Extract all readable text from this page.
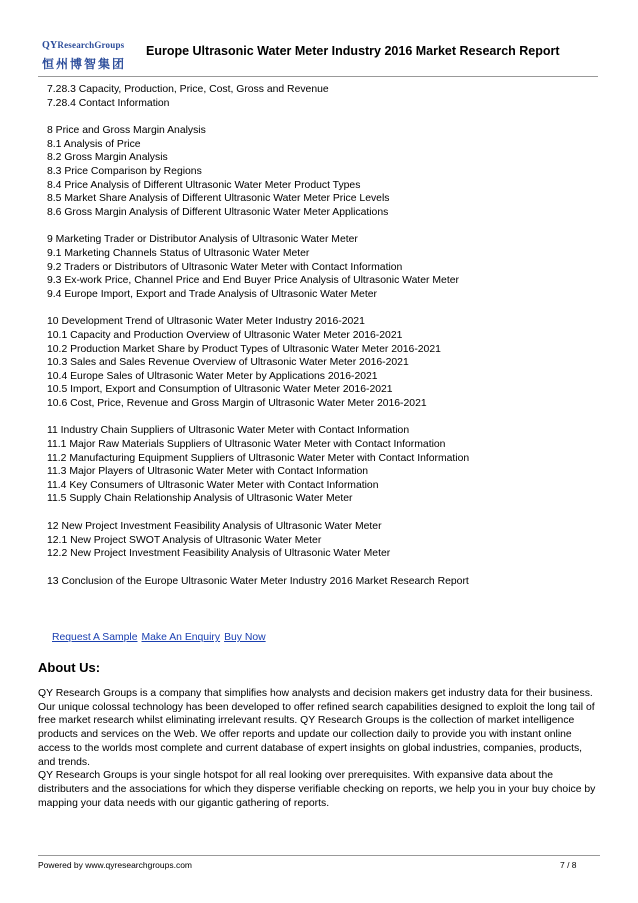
QYResearchGroups
恒州博智集团
Europe Ultrasonic Water Meter Industry 2016 Market Research Report
7.28.3 Capacity, Production, Price, Cost, Gross and Revenue
7.28.4 Contact Information
8 Price and Gross Margin Analysis
8.1 Analysis of Price
8.2 Gross Margin Analysis
8.3 Price Comparison by Regions
8.4 Price Analysis of Different Ultrasonic Water Meter Product Types
8.5 Market Share Analysis of Different Ultrasonic Water Meter Price Levels
8.6 Gross Margin Analysis of Different Ultrasonic Water Meter Applications
9 Marketing Trader or Distributor Analysis of Ultrasonic Water Meter
9.1 Marketing Channels Status of Ultrasonic Water Meter
9.2 Traders or Distributors of Ultrasonic Water Meter with Contact Information
9.3 Ex-work Price, Channel Price and End Buyer Price Analysis of Ultrasonic Water Meter
9.4 Europe Import, Export and Trade Analysis of Ultrasonic Water Meter
10 Development Trend of Ultrasonic Water Meter Industry 2016-2021
10.1 Capacity and Production Overview of Ultrasonic Water Meter 2016-2021
10.2 Production Market Share by Product Types of Ultrasonic Water Meter 2016-2021
10.3 Sales and Sales Revenue Overview of Ultrasonic Water Meter 2016-2021
10.4 Europe Sales of Ultrasonic Water Meter by Applications 2016-2021
10.5 Import, Export and Consumption of Ultrasonic Water Meter 2016-2021
10.6 Cost, Price, Revenue and Gross Margin of Ultrasonic Water Meter 2016-2021
11 Industry Chain Suppliers of Ultrasonic Water Meter with Contact Information
11.1 Major Raw Materials Suppliers of Ultrasonic Water Meter with Contact Information
11.2 Manufacturing Equipment Suppliers of Ultrasonic Water Meter with Contact Information
11.3 Major Players of Ultrasonic Water Meter with Contact Information
11.4 Key Consumers of Ultrasonic Water Meter with Contact Information
11.5 Supply Chain Relationship Analysis of Ultrasonic Water Meter
12 New Project Investment Feasibility Analysis of Ultrasonic Water Meter
12.1 New Project SWOT Analysis of Ultrasonic Water Meter
12.2 New Project Investment Feasibility Analysis of Ultrasonic Water Meter
13 Conclusion of the Europe Ultrasonic Water Meter Industry 2016 Market Research Report
Request A Sample Make An Enquiry Buy Now
About Us:

QY Research Groups is a company that simplifies how analysts and decision makers get industry data for their business. Our unique colossal technology has been developed to offer refined search capabilities designed to exploit the long tail of free market research whilst eliminating irrelevant results. QY Research Groups is the collection of market intelligence products and services on the Web. We offer reports and update our collection daily to provide you with instant online access to the worlds most complete and current database of expert insights on global industries, companies, products, and trends.

QY Research Groups is your single hotspot for all real looking over prerequisites. With expansive data about the distributers and the associations for which they disperse verifiable checking on reports, we help you in your buy choice by mapping your data needs with our gigantic gathering of reports.

Powered by www.qyresearchgroups.com	7 / 8
